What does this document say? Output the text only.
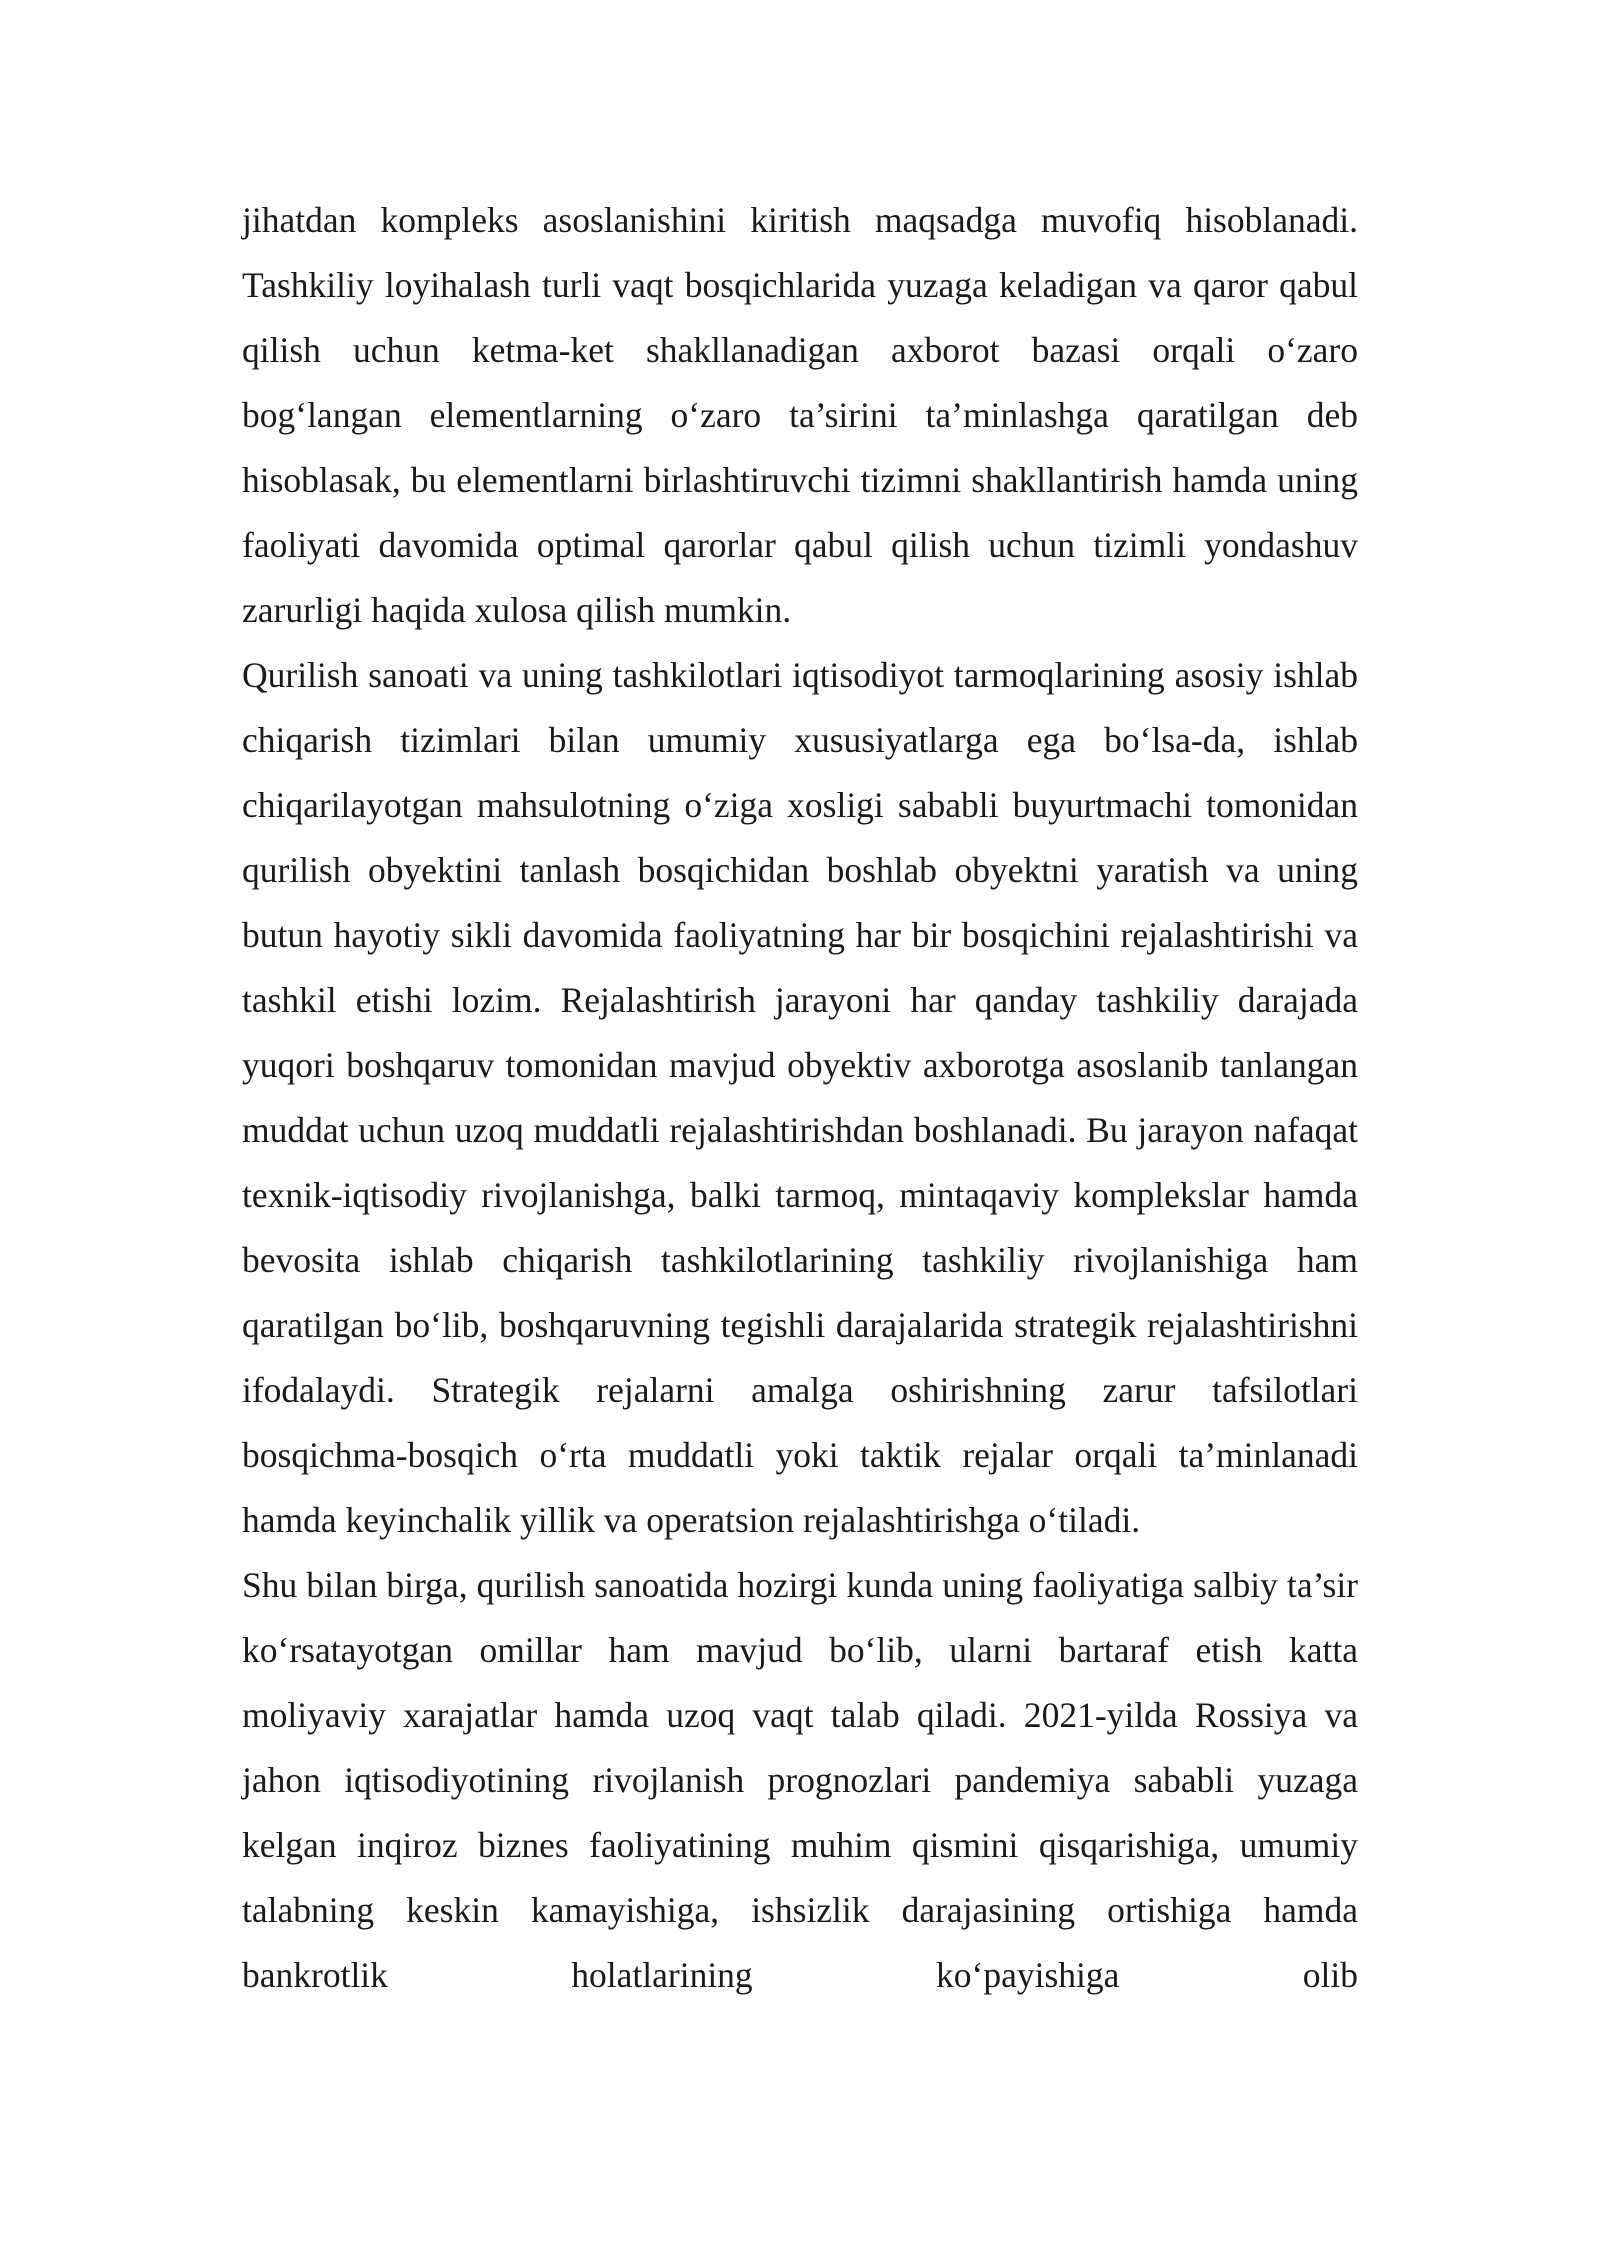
jihatdan kompleks asoslanishini kiritish maqsadga muvofiq hisoblanadi. Tashkiliy loyihalash turli vaqt bosqichlarida yuzaga keladigan va qaror qabul qilish uchun ketma-ket shakllanadigan axborot bazasi orqali o‘zaro bog‘langan elementlarning o‘zaro ta’sirini ta’minlashga qaratilgan deb hisoblasak, bu elementlarni birlashtiruvchi tizimni shakllantirish hamda uning faoliyati davomida optimal qarorlar qabul qilish uchun tizimli yondashuv zarurligi haqida xulosa qilish mumkin.

Qurilish sanoati va uning tashkilotlari iqtisodiyot tarmoqlarining asosiy ishlab chiqarish tizimlari bilan umumiy xususiyatlarga ega bo‘lsa-da, ishlab chiqarilayotgan mahsulotning o‘ziga xosligi sababli buyurtmachi tomonidan qurilish obyektini tanlash bosqichidan boshlab obyektni yaratish va uning butun hayotiy sikli davomida faoliyatning har bir bosqichini rejalashtirishi va tashkil etishi lozim. Rejalashtirish jarayoni har qanday tashkiliy darajada yuqori boshqaruv tomonidan mavjud obyektiv axborotga asoslanib tanlangan muddat uchun uzoq muddatli rejalashtirishdan boshlanadi. Bu jarayon nafaqat texnik-iqtisodiy rivojlanishga, balki tarmoq, mintaqaviy komplekslar hamda bevosita ishlab chiqarish tashkilotlarining tashkiliy rivojlanishiga ham qaratilgan bo‘lib, boshqaruvning tegishli darajalarida strategik rejalashtirishni ifodalaydi. Strategik rejalarni amalga oshirishning zarur tafsilotlari bosqichma-bosqich o‘rta muddatli yoki taktik rejalar orqali ta’minlanadi hamda keyinchalik yillik va operatsion rejalashtirishga o‘tiladi.

Shu bilan birga, qurilish sanoatida hozirgi kunda uning faoliyatiga salbiy ta’sir ko‘rsatayotgan omillar ham mavjud bo‘lib, ularni bartaraf etish katta moliyaviy xarajatlar hamda uzoq vaqt talab qiladi. 2021-yilda Rossiya va jahon iqtisodiyotining rivojlanish prognozlari pandemiya sababli yuzaga kelgan inqiroz biznes faoliyatining muhim qismini qisqarishiga, umumiy talabning keskin kamayishiga, ishsizlik darajasining ortishiga hamda bankrotlik holatlarining ko‘payishiga olib
